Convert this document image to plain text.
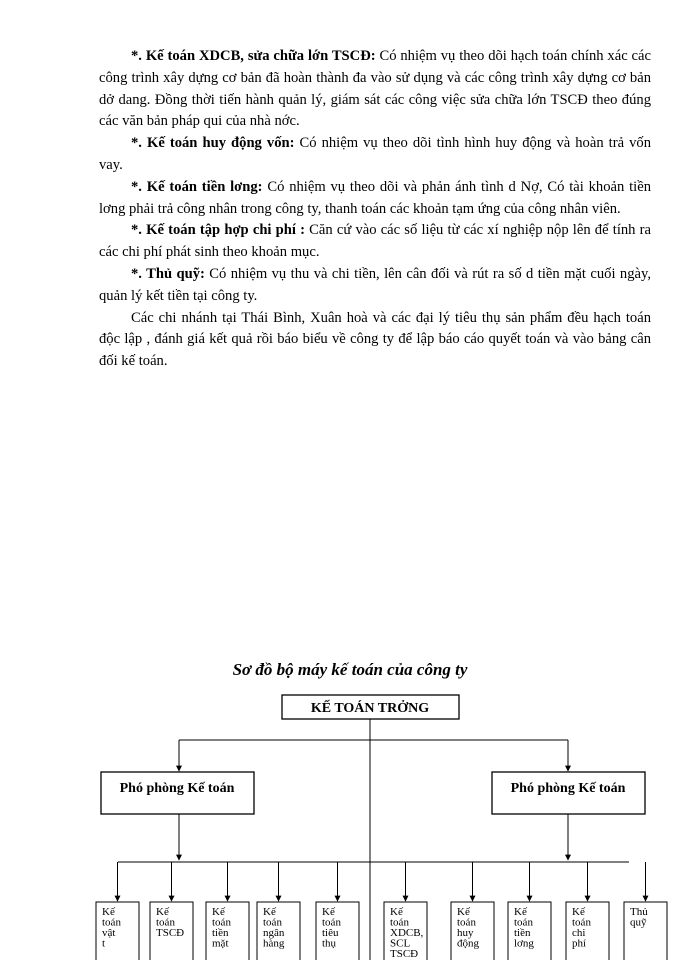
*. Kế toán XDCB, sửa chữa lớn TSCĐ: Có nhiệm vụ theo dõi hạch toán chính xác các công trình xây dựng cơ bản đã hoàn thành đa vào sử dụng và các công trình xây dựng cơ bản dở dang. Đồng thời tiến hành quản lý, giám sát các công việc sửa chữa lớn TSCĐ theo đúng các văn bản pháp qui của nhà nớc.

*. Kế toán huy động vốn: Có nhiệm vụ theo dõi tình hình huy động và hoàn trả vốn vay.

*. Kế toán tiền lơng: Có nhiệm vụ theo dõi và phản ánh tình d Nợ, Có tài khoản tiền lơng phải trả công nhân trong công ty, thanh toán các khoản tạm ứng của công nhân viên.

*. Kế toán tập hợp chi phí : Căn cứ vào các số liệu từ các xí nghiệp nộp lên để tính ra các chi phí phát sinh theo khoản mục.

*. Thủ quỹ: Có nhiệm vụ thu và chi tiền, lên cân đối và rút ra số d tiền mặt cuối ngày, quản lý kết tiền tại công ty.

Các chi nhánh tại Thái Bình, Xuân hoà và các đại lý tiêu thụ sản phẩm đều hạch toán độc lập , đánh giá kết quả rồi báo biểu về công ty để lập báo cáo quyết toán và vào bảng cân đối kế toán.

Sơ đồ bộ máy kế toán của công ty
KẾ TOÁN TRỞNG
Phó phòng Kế toán	Phó phòng Kế toán
Kế
toán
vật
t
Kế
toán
TSCĐ
Kế
toán
tiền
mặt
Kế
toán
ngân
hàng
Kế
toán
tiêu
thụ
Kế
toán
XDCB,
SCL
TSCĐ
Kế
toán
huy
động
Kế
toán
tiền
lơng
Kế
toán
chi
phí
Thủ
quỹ
